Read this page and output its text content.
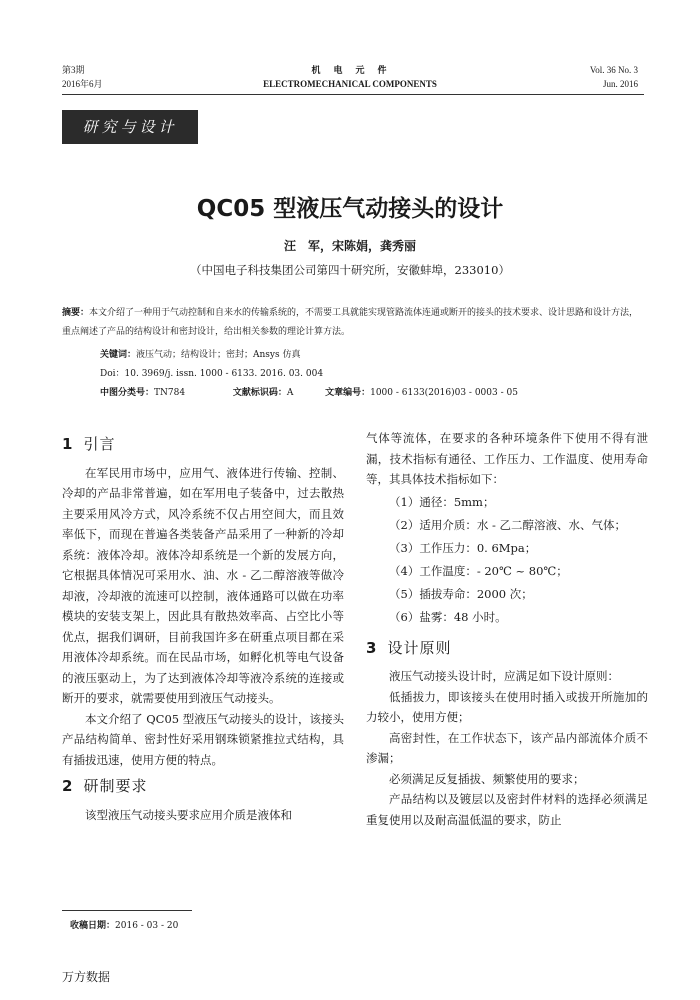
第3期
2016年6月
机　电　元　件
ELECTROMECHANICAL COMPONENTS
Vol. 36 No. 3
Jun. 2016
研究与设计
QC05 型液压气动接头的设计
汪　军，宋陈娟，龚秀丽
（中国电子科技集团公司第四十研究所，安徽蚌埠，233010）
摘要：本文介绍了一种用于气动控制和自来水的传输系统的，不需要工具就能实现管路流体连通或断开的接头的技术要求、设计思路和设计方法，重点阐述了产品的结构设计和密封设计，给出相关参数的理论计算方法。
关键词：液压气动；结构设计；密封；Ansys 仿真
Doi：10. 3969/j. issn. 1000 - 6133. 2016. 03. 004
中图分类号：TN784	文献标识码：A	文章编号：1000 - 6133(2016)03 - 0003 - 05
1 引言

在军民用市场中，应用气、液体进行传输、控制、冷却的产品非常普遍，如在军用电子装备中，过去散热主要采用风冷方式，风冷系统不仅占用空间大，而且效率低下，而现在普遍各类装备产品采用了一种新的冷却系统：液体冷却。液体冷却系统是一个新的发展方向，它根据具体情况可采用水、油、水 - 乙二醇溶液等做冷却液，冷却液的流速可以控制，液体通路可以做在功率模块的安装支架上，因此具有散热效率高、占空比小等优点，据我们调研，目前我国许多在研重点项目都在采用液体冷却系统。而在民品市场，如孵化机等电气设备的液压驱动上，为了达到液体冷却等液冷系统的连接或断开的要求，就需要使用到液压气动接头。

本文介绍了 QC05 型液压气动接头的设计，该接头产品结构简单、密封性好采用钢珠锁紧推拉式结构，具有插拔迅速，使用方便的特点。

2 研制要求

该型液压气动接头要求应用介质是液体和

气体等流体，在要求的各种环境条件下使用不得有泄漏，技术指标有通径、工作压力、工作温度、使用寿命等，其具体技术指标如下：

（1）通径：5mm；
（2）适用介质：水 - 乙二醇溶液、水、气体；
（3）工作压力：0. 6Mpa；
（4）工作温度：- 20℃ ~ 80℃；
（5）插拔寿命：2000 次；
（6）盐雾：48 小时。
3 设计原则

液压气动接头设计时，应满足如下设计原则：

低插拔力，即该接头在使用时插入或拔开所施加的力较小，使用方便；

高密封性，在工作状态下，该产品内部流体介质不渗漏；

必须满足反复插拔、频繁使用的要求；

产品结构以及镀层以及密封件材料的选择必须满足重复使用以及耐高温低温的要求，防止

收稿日期：2016 - 03 - 20
万方数据
